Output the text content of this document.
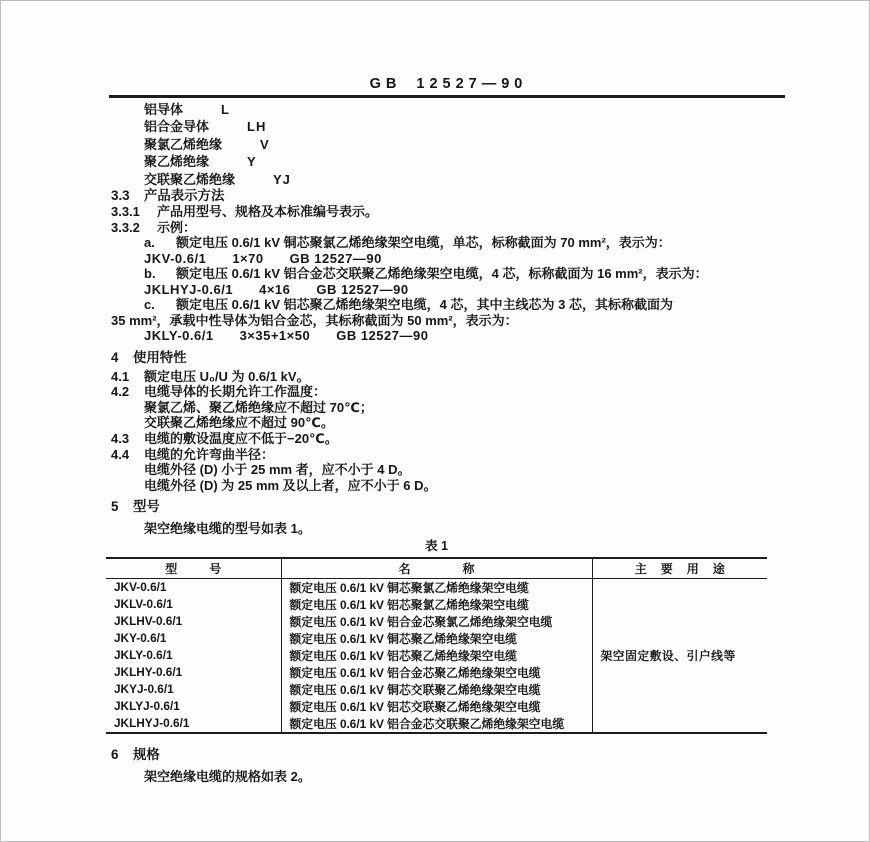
GB 12527—90
铝导体	L
铝合金导体	LH
聚氯乙烯绝缘	V
聚乙烯绝缘	Y
交联聚乙烯绝缘	YJ
3.3 产品表示方法
3.3.1 产品用型号、规格及本标准编号表示。
3.3.2 示例：
a. 额定电压 0.6/1 kV 铜芯聚氯乙烯绝缘架空电缆，单芯，标称截面为 70 mm²，表示为：
JKV-0.6/1 1×70 GB 12527—90
b. 额定电压 0.6/1 kV 铝合金芯交联聚乙烯绝缘架空电缆，4 芯，标称截面为 16 mm²，表示为：
JKLHYJ-0.6/1 4×16 GB 12527—90
c. 额定电压 0.6/1 kV 铝芯聚乙烯绝缘架空电缆，4 芯，其中主线芯为 3 芯，其标称截面为
35 mm²，承载中性导体为铝合金芯，其标称截面为 50 mm²，表示为：
JKLY-0.6/1 3×35+1×50 GB 12527—90
4 使用特性
4.1 额定电压 U₀/U 为 0.6/1 kV。
4.2 电缆导体的长期允许工作温度：
聚氯乙烯、聚乙烯绝缘应不超过 70℃；
交联聚乙烯绝缘应不超过 90℃。
4.3 电缆的敷设温度应不低于−20℃。
4.4 电缆的允许弯曲半径：
电缆外径 (D) 小于 25 mm 者，应不小于 4 D。
电缆外径 (D) 为 25 mm 及以上者，应不小于 6 D。
5 型号
架空绝缘电缆的型号如表 1。
表 1
型号	名称	主要用途
JKV-0.6/1	额定电压 0.6/1 kV 铜芯聚氯乙烯绝缘架空电缆	架空固定敷设、引户线等
JKLV-0.6/1	额定电压 0.6/1 kV 铝芯聚氯乙烯绝缘架空电缆	
JKLHV-0.6/1	额定电压 0.6/1 kV 铝合金芯聚氯乙烯绝缘架空电缆	
JKY-0.6/1	额定电压 0.6/1 kV 铜芯聚乙烯绝缘架空电缆	
JKLY-0.6/1	额定电压 0.6/1 kV 铝芯聚乙烯绝缘架空电缆	
JKLHY-0.6/1	额定电压 0.6/1 kV 铝合金芯聚乙烯绝缘架空电缆	
JKYJ-0.6/1	额定电压 0.6/1 kV 铜芯交联聚乙烯绝缘架空电缆	
JKLYJ-0.6/1	额定电压 0.6/1 kV 铝芯交联聚乙烯绝缘架空电缆	
JKLHYJ-0.6/1	额定电压 0.6/1 kV 铝合金芯交联聚乙烯绝缘架空电缆	
6 规格
架空绝缘电缆的规格如表 2。
